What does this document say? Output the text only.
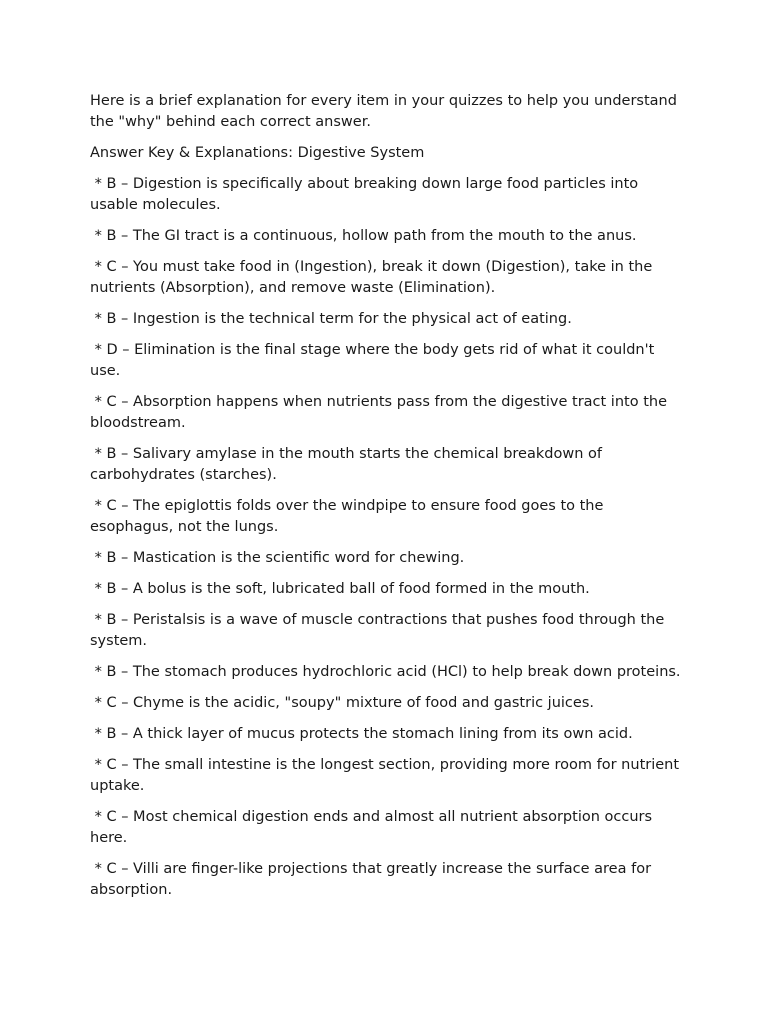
Here is a brief explanation for every item in your quizzes to help you understand the "why" behind each correct answer.

Answer Key & Explanations: Digestive System

* B – Digestion is specifically about breaking down large food particles into usable molecules.

* B – The GI tract is a continuous, hollow path from the mouth to the anus.

* C – You must take food in (Ingestion), break it down (Digestion), take in the nutrients (Absorption), and remove waste (Elimination).

* B – Ingestion is the technical term for the physical act of eating.

* D – Elimination is the final stage where the body gets rid of what it couldn't use.

* C – Absorption happens when nutrients pass from the digestive tract into the bloodstream.

* B – Salivary amylase in the mouth starts the chemical breakdown of carbohydrates (starches).

* C – The epiglottis folds over the windpipe to ensure food goes to the esophagus, not the lungs.

* B – Mastication is the scientific word for chewing.

* B – A bolus is the soft, lubricated ball of food formed in the mouth.

* B – Peristalsis is a wave of muscle contractions that pushes food through the system.

* B – The stomach produces hydrochloric acid (HCl) to help break down proteins.

* C – Chyme is the acidic, "soupy" mixture of food and gastric juices.

* B – A thick layer of mucus protects the stomach lining from its own acid.

* C – The small intestine is the longest section, providing more room for nutrient uptake.

* C – Most chemical digestion ends and almost all nutrient absorption occurs here.

* C – Villi are finger-like projections that greatly increase the surface area for absorption.
